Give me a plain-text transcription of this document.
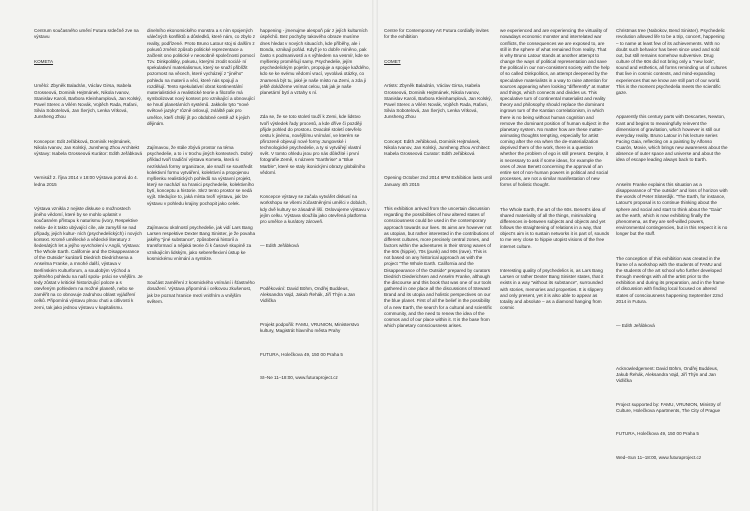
Centrum současného umění Futura srdečně zve na výstavu

KOMETA

Umělci: Zbyněk Baladrán, Václav Girsa, Isabela Grosseová, Dominik Hejtmánek, Nikola Ivanov, Stanislav Karoli, Barbora Kleinhamplová, Jan Kolský, Pavel Sterec a Vilém Novák, Vojtěch Rada, Rafani, Silvia Sobotelová, Jan Šerých, Lenka Vítková, Junsheng Zhou

Koncepce: Edit Jeřábková, Dominik Hejtmánek, Nikola Ivanov, Jan Kolský, Junsheng Zhou Architekt výstavy: Isabela Grosseová Kurátor: Edith Jeřábková

Vernisáž 2. října 2014 v 18:00 Výstava potrvá do 4. ledna 2015

Výstava vznikla z nejiste diskuse o možnostech jiného vědomí, které by se mohlo uplatnit v současném přístupu k naturismu (ivory, Respektive nekla- de it takto ubývající cíle, ale zamyšlí se nad případy, jejich kultur- ních (psychedelických) i nových kontext. Kromě umělecké a vědecké literatury z šedesátých let a jejího vyvrcholení v Anglii, Výstava: The Whole Earth. Californie and the Disappearance of the Outside" kurátorů Diedrich Diedrichsena a Anselma Franke, a mnohé další, výstava v Berlínském Kulturforum, a soudobým Východ a zpětného pohledu na naší spolu- práci se vnějším. Je tedy zůstat v kritické historizující poloze a s otevřeným pohledem na možné planetě, nebo se zaměřit na co obnovuje zadruhou oblast vyjádření celků. Připomíná výstavu plnou chuti a citlivosti k zemi, tak jako jednou výstavu v kapitalismu.

dinelního ekonomického monstra a s ním spojených válečných konfliktů a důsledků, které nám, co zbylo z reality, podřízené. Proto Bruno Latour stoj si dalším z pokusů změnit způsob politické reprezentace a začlenit ono politické v neosobně společnosti pomocí Tzv. Dinkpolitiky, pokusu, kterými zrodit sociál- ní spekulativní materialismus, který se snaží přiblížit pozornost na věcech, které vycházejí z "jiného" pohledu na materii a věci, které nás spojují a rozdělují. Tento spekulativní obrat kontinentální materialistické a realistické teorie a filozofie má symbolizovat nový kontext pro vznikající a obnovující se hnutí planetárních systémů. Jakkoliv tyto "nové světové jazyky" různě oslovují, zvláště pak pro umělce, kteří chtějí jít po obdobné cestě až k jejich dějinám.

Zajímavou, že stále zbývá prostor na téma psychedelie, a to i v trochu jiných kontextech. Dobrý příklad tvoří tradiční výstava Kometa, která si nezískává formy organizace, ale snaží se soustředit kolektivní formu vytváření, kolektivní a propojenou myšlenku realistických pohledů na výstavní projekt, který se nachází na hranici psychedelie, kolektivního bytí, konceptu a historie. Skrz tento prostor se nedá vyjít. Sledujíce to, jaká místa tvoří výstavu, jak lze výstavu v pohledu krajiny pochopit jako celek.

Zajímavou okolností psychedelie, jak vidí Lars Bang Larsen respektive Dexter Bang Sinister, je že povaha jakéhy "jiné substance", způsobená historií a transformací a nějaká teorie či k časové skupině za vznikajícím lidským, jako sebereflexivní ústup ke kosmickému vnímání a syntéze.

Součást zaměření z kosmického vnímání i šťastného dosažení. Výstava připomíná i celkovou zkušenost, jak lze poznat hranice mezi vnitřním a vnějším světem.

happening - jmenujme alespoň pár z jejích kulturních úspěchů. Bez pochyby takového obraze musíme dnes hledat v nových situacích, kde příběhy, ale i Bonda, vznikají pořád. Když je to dobře míněno, pak často s podmanivostí a s výhledem na vesmír, kde se myšlenky proměňují samy. Psychedelie, jejím psychedelickým pojetím, propojuje a spojuje každého, kdo se ke svému vědomí vrací, vyvolává otázky, co znamená být tu, jaké je naše místo na Zemi, a zda ji ještě dokážeme vnímat celou, tak jak je naše planetární bytí a vztahy s ní.

Zda se, že se toto století touží k Zemi, kde lidstvo tvoří výsledek řady procesů, a kde dříve či později přijde pohled do prostoru. Dvacáté století otevřelo cestu k jinému, novějšímu vnímání, ve kterém se přirozeně objevují nové formy Jungovské i technologické psychedelie, a ty si vytvářejí vlastní svět. V tomto ohledu jsou pro nás důležité i první fotografie Země, s názvem "Earthrise" a "Blue Marble", které se staly ikonickými obrazy globálního vědomí.

Koncepce výstavy se začala vytvářet diskusí na workshopu se všemi zúčastněnými umělci v dobách, kdy dvě kultury se zásadně liší. Oslovujeme výstavu v jejím celku. Výstava sloužila jako otevřená platforma pro umělce a kurátory zároveň.

— Edith Jeřábková

Poděkování: David Böhm, Ondřej Buddeus, Aleksandra Vajd, Jakub Řehák, Jiří Thýn a Jan Vidlička

Projekt podpořili: FAMU, VRUNION, Ministerstvo kultury, Magistrát hlavního města Prahy

FUTURA, Holečkova 49, 150 00 Praha 5

St–Ne 11–18:00, www.futuraproject.cz

Centre for Contemporary Art Futura cordially invites for the exhibition

COMET

Artists: Zbyněk Baladrán, Václav Girsa, Isabela Grosseová, Dominik Hejtmánek, Nikola Ivanov, Stanislav Karoli, Barbora Kleinhamplová, Jan Kolský, Pavel Sterec a Vilém Novák, Vojtěch Rada, Rafani, Silvia Sobotelová, Jan Šerých, Lenka Vítková, Junsheng Zhou

Concept: Edith Jeřábková, Dominik Hejtmánek, Nikola Ivanov, Jan Kolský, Junsheng Zhou Architect: Isabela Grosseová Curator: Edith Jeřábková

Opening October 2nd 2014 6PM Exhibition lasts until January 4th 2015

This exhibition arrived from the uncertain discussion regarding the possibilities of how altered states of consciousness could be used in the contemporary approach towards our lives. Its aims are however not as utopian, but rather interested in the contributions of different cultures, more precisely central zones, and factors within the adventures in their strong waves of the 60s (hippie), 70s (punk) and 90s (rave). This is not based on any historical approach as with the project "The Whole Earth. California and the Disappearance of the Outside" prepared by curators Diedrich Diederichsen and Anselm Franke, although the discourse and this book that was one of our tools gathered in one place all the discussions of Steward Brand and its utopia and holistic perspectives on our the blue planet. First of all the belief in the possibility of a new Earth, the search for a cultural and scientific community, and the need to renew the idea of the cosmos and of our place within it. It is the base from which planetary consciousness arises.

we experienced and are experiencing the virtuality of nowadays economic monster and interrelated war conflicts, the consequences we are exposed to, are still in the sphere of what remained from reality. That is why Bruno Latour stands at another attempt to change the ways of political representation and save the political in our non-consistent society with the help of so called Dinkpolitics, an attempt deepened by the speculative materialists in a way to raise attention for sources appearing when looking "differently" at matter and things, which connects and divides us. This speculative turn of continental materialist and reality theory and philosophy should replace the dominant ingrown turn of the Kantian correlationism, in which there is no being without human cognition and remove the dominant position of human subject in the planetary system. No matter how are these matter-animating thoughts tempting, especially for artist coming after the era when the de-materialization deprived them of the work, there is a question whether the problem of ego is still present. Despite, it is necessary to ask if some ideas, for example the ones of Jean Benett concerning the approval of an entire set of non-human powers in political and social processes, are not a similar manifestation of new forms of holistic thought.

The Whole Earth, the art of the 60s. Benett's idea of shared materiality of all the things, minimalizing differences in-between subjects and objects and yet follows the straightening of relations in a way, that object's aim is to sustain networks it is part of, sounds to me very close to hippie utopist visions of the free internet culture.

Interesting quality of psychedelics is, as Lars Bang Larsen or rather Dexter Bang Sinister states, that it exists in a way "without its substance", surrounded with stories, memories and properties. It is slippery and only present, yet it is also able to appear as totality and absolute – as a diamond hanging from cosmic

Christmas tree (Nabokov, Bend Sinister). Psychedelic revolution allowed life to be a trip, concert, happening – to name at least few of its achievements. With no doubt such behavior has been since used and sold out, but still remains somehow subversive. Drug culture of the 60s did not bring only a "new look", sound and esthetics, all forms reminding us of cultures that live in cosmic contexts, and mind-expanding experiences that we know are still part of our world. This is the moment psychedelia meets the scientific gaze.

Apparently this century parts with Descartes, Newton, Kant and begins to meaningfully reinvent the dimensions of gravitation, which however is still our everyday reality. Bruno Latour in his lecture series Facing Gaia, reflecting on a painting by Alfonso Cuarón, Movie, which brings new awareness about the absence of outer space and universe and about the idea of escape leading always back to Earth.

Anselm Franke explains this situation as a disappearance of "the outside" and loss of horizon with the words of Peter Sloterdijk. "The Earth, for instance, Latour's proposal is to continue thinking about the sphere and social and start to think about the "Gaia" as the earth, which is now exhibiting finally the phenomena, as they are self-willed powers, environmental contingencies, but in this respect it is no longer but the stuff.

The conception of this exhibition was created in the frame of a workshop with the students of FAMU and the students of the art school who further developed through meetings with all the artist prior to the exhibition and during its preparation, and in the frame of discussion with finding local focused on altered states of consciousness happening September 22nd 2014 in Futura.

— Edith Jeřábková

Acknowledgement: David Böhm, Ondřej Buddeus, Jakub Řehák, Aleksandra Vajd, Jiří Thýn and Jan Vidlička

Project supported by: FAMU, VRUNION, Ministry of Culture, Holečkova Apartments, The City of Prague

FUTURA, Holečkova 49, 150 00 Praha 5

Wed–Sun 11–18:00, www.futuraproject.cz
